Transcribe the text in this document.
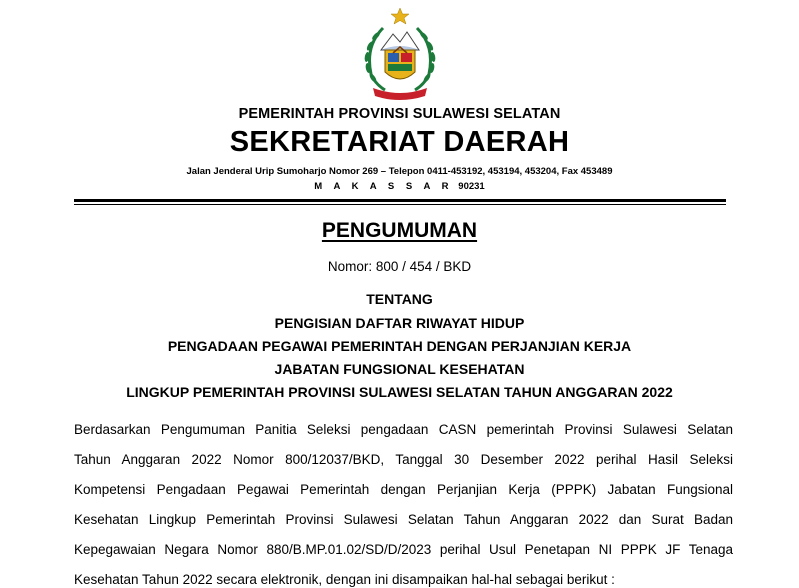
PEMERINTAH PROVINSI SULAWESI SELATAN
SEKRETARIAT DAERAH
Jalan Jenderal Urip Sumoharjo Nomor 269 – Telepon 0411-453192, 453194, 453204, Fax 453489
M A K A S S A R 90231
PENGUMUMAN
Nomor: 800 / 454 / BKD
TENTANG
PENGISIAN DAFTAR RIWAYAT HIDUP
PENGADAAN PEGAWAI PEMERINTAH DENGAN PERJANJIAN KERJA
JABATAN FUNGSIONAL KESEHATAN
LINGKUP PEMERINTAH PROVINSI SULAWESI SELATAN TAHUN ANGGARAN 2022
Berdasarkan Pengumuman Panitia Seleksi pengadaan CASN pemerintah Provinsi Sulawesi Selatan
Tahun Anggaran 2022 Nomor 800/12037/BKD, Tanggal 30 Desember 2022 perihal Hasil Seleksi
Kompetensi Pengadaan Pegawai Pemerintah dengan Perjanjian Kerja (PPPK) Jabatan Fungsional
Kesehatan Lingkup Pemerintah Provinsi Sulawesi Selatan Tahun Anggaran 2022 dan Surat Badan
Kepegawaian Negara Nomor 880/B.MP.01.02/SD/D/2023 perihal Usul Penetapan NI PPPK JF Tenaga
Kesehatan Tahun 2022 secara elektronik, dengan ini disampaikan hal-hal sebagai berikut :
